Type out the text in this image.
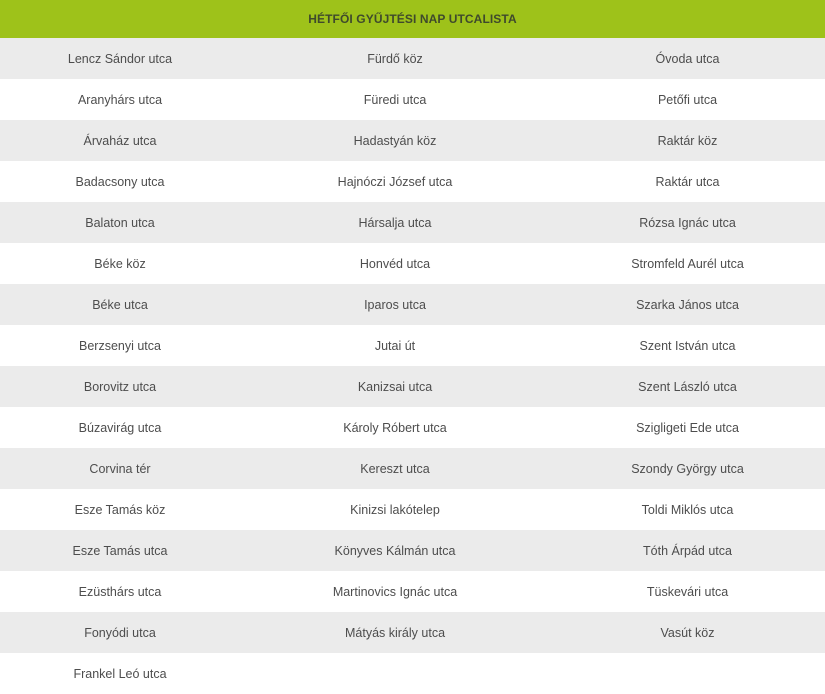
HÉTFŐI GYŰJTÉSI NAP UTCALISTA
Lencz Sándor utca	Fürdő köz	Óvoda utca
Aranyhárs utca	Füredi utca	Petőfi utca
Árvaház utca	Hadastyán köz	Raktár köz
Badacsony utca	Hajnóczi József utca	Raktár utca
Balaton utca	Hársalja utca	Rózsa Ignác utca
Béke köz	Honvéd utca	Stromfeld Aurél utca
Béke utca	Iparos utca	Szarka János utca
Berzsenyi utca	Jutai út	Szent István utca
Borovitz utca	Kanizsai utca	Szent László utca
Búzavirág utca	Károly Róbert utca	Szigligeti Ede utca
Corvina tér	Kereszt utca	Szondy György utca
Esze Tamás köz	Kinizsi lakótelep	Toldi Miklós utca
Esze Tamás utca	Könyves Kálmán utca	Tóth Árpád utca
Ezüsthárs utca	Martinovics Ignác utca	Tüskevári utca
Fonyódi utca	Mátyás király utca	Vasút köz
Frankel Leó utca
